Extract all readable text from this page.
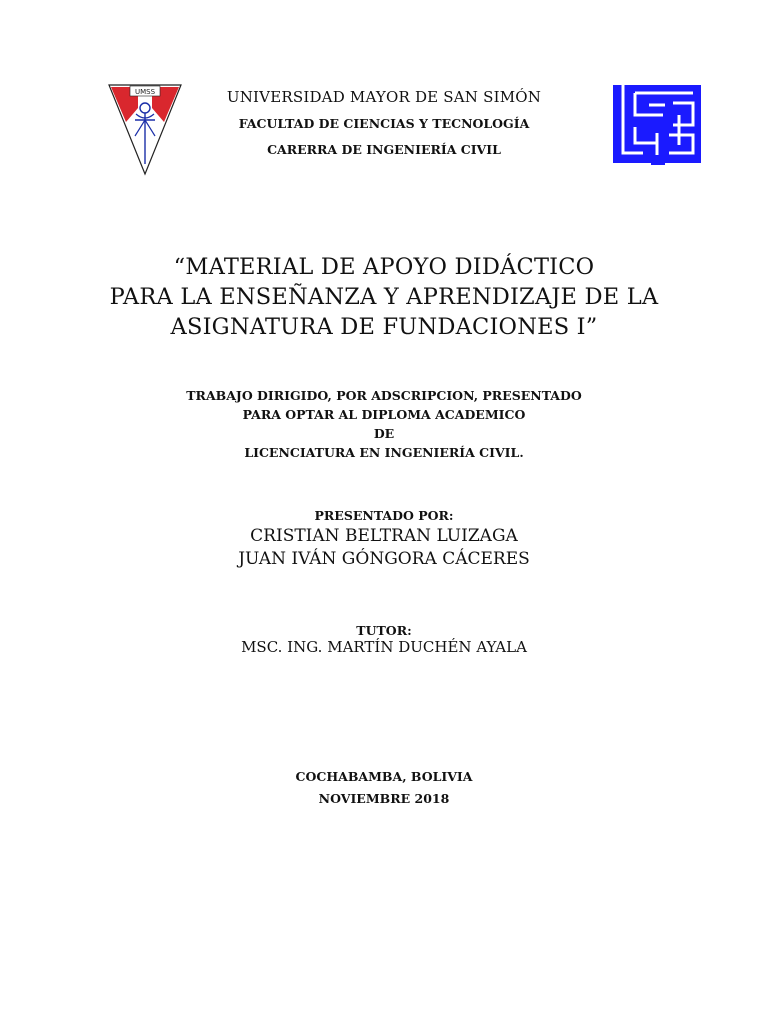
UMSS	UNIVERSIDAD MAYOR DE SAN SIMÓN
FACULTAD DE CIENCIAS Y TECNOLOGÍA
CARERRA DE INGENIERÍA CIVIL
“MATERIAL DE APOYO DIDÁCTICO
PARA LA ENSEÑANZA Y APRENDIZAJE DE LA
ASIGNATURA DE FUNDACIONES I”
TRABAJO DIRIGIDO, POR ADSCRIPCION, PRESENTADO
PARA OPTAR AL DIPLOMA ACADEMICO
DE
LICENCIATURA EN INGENIERÍA CIVIL.
PRESENTADO POR:
CRISTIAN BELTRAN LUIZAGA
JUAN IVÁN GÓNGORA CÁCERES
TUTOR:
MSC. ING. MARTÍN DUCHÉN AYALA
COCHABAMBA, BOLIVIA
NOVIEMBRE 2018
